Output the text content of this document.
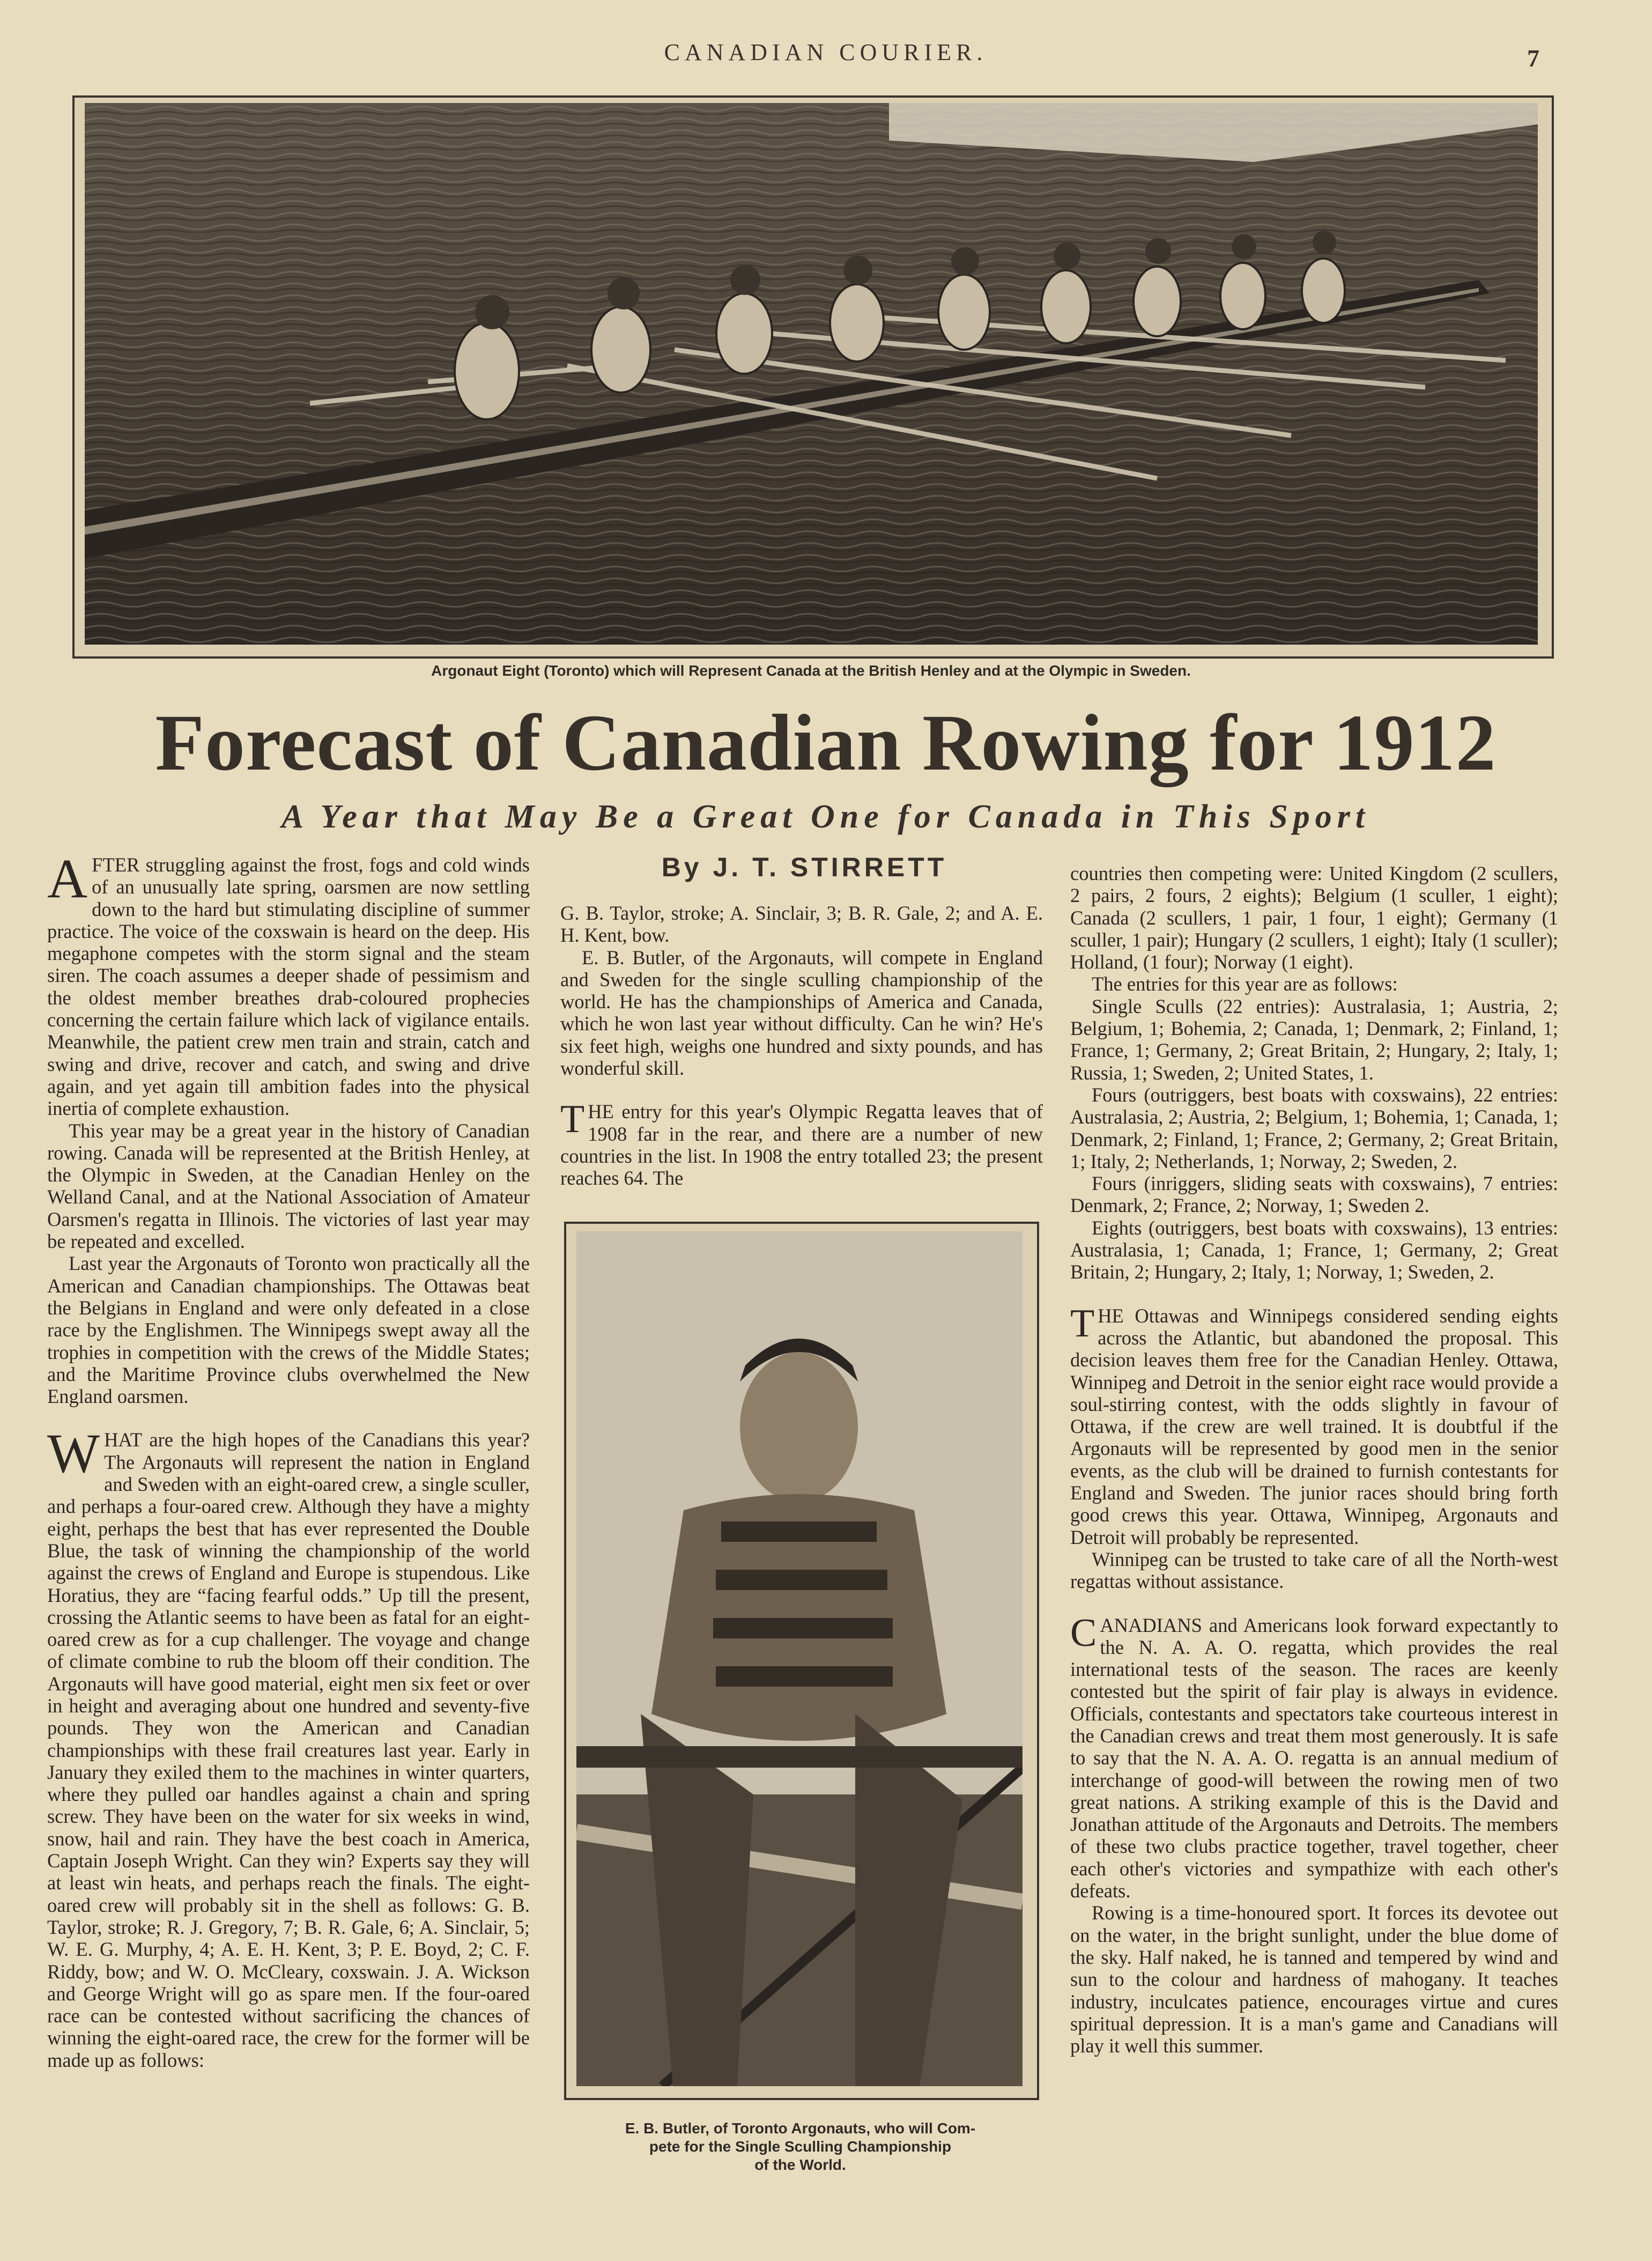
CANADIAN COURIER.	7
Argonaut Eight (Toronto) which will Represent Canada at the British Henley and at the Olympic in Sweden.
Forecast of Canadian Rowing for 1912
A Year that May Be a Great One for Canada in This Sport
By J. T. STIRRETT

AFTER struggling against the frost, fogs and cold winds of an unusually late spring, oarsmen are now settling down to the hard but stimulating discipline of summer practice. The voice of the coxswain is heard on the deep. His megaphone competes with the storm signal and the steam siren. The coach assumes a deeper shade of pessimism and the oldest member breathes drab-coloured prophecies concerning the certain failure which lack of vigilance entails. Meanwhile, the patient crew men train and strain, catch and swing and drive, recover and catch, and swing and drive again, and yet again till ambition fades into the physical inertia of complete exhaustion.

This year may be a great year in the history of Canadian rowing. Canada will be represented at the British Henley, at the Olympic in Sweden, at the Canadian Henley on the Welland Canal, and at the National Association of Amateur Oarsmen's regatta in Illinois. The victories of last year may be repeated and excelled.

Last year the Argonauts of Toronto won practically all the American and Canadian championships. The Ottawas beat the Belgians in England and were only defeated in a close race by the Englishmen. The Winnipegs swept away all the trophies in competition with the crews of the Middle States; and the Maritime Province clubs overwhelmed the New England oarsmen.

WHAT are the high hopes of the Canadians this year? The Argonauts will represent the nation in England and Sweden with an eight-oared crew, a single sculler, and perhaps a four-oared crew. Although they have a mighty eight, perhaps the best that has ever represented the Double Blue, the task of winning the championship of the world against the crews of England and Europe is stupendous. Like Horatius, they are “facing fearful odds.” Up till the present, crossing the Atlantic seems to have been as fatal for an eight-oared crew as for a cup challenger. The voyage and change of climate combine to rub the bloom off their condition. The Argonauts will have good material, eight men six feet or over in height and averaging about one hundred and seventy-five pounds. They won the American and Canadian championships with these frail creatures last year. Early in January they exiled them to the machines in winter quarters, where they pulled oar handles against a chain and spring screw. They have been on the water for six weeks in wind, snow, hail and rain. They have the best coach in America, Captain Joseph Wright. Can they win? Experts say they will at least win heats, and perhaps reach the finals. The eight-oared crew will probably sit in the shell as follows: G. B. Taylor, stroke; R. J. Gregory, 7; B. R. Gale, 6; A. Sinclair, 5; W. E. G. Murphy, 4; A. E. H. Kent, 3; P. E. Boyd, 2; C. F. Riddy, bow; and W. O. McCleary, coxswain. J. A. Wickson and George Wright will go as spare men. If the four-oared race can be contested without sacrificing the chances of winning the eight-oared race, the crew for the former will be made up as follows:

G. B. Taylor, stroke; A. Sinclair, 3; B. R. Gale, 2; and A. E. H. Kent, bow.

E. B. Butler, of the Argonauts, will compete in England and Sweden for the single sculling championship of the world. He has the championships of America and Canada, which he won last year without difficulty. Can he win? He's six feet high, weighs one hundred and sixty pounds, and has wonderful skill.

THE entry for this year's Olympic Regatta leaves that of 1908 far in the rear, and there are a number of new countries in the list. In 1908 the entry totalled 23; the present reaches 64. The

E. B. Butler, of Toronto Argonauts, who will Com-
pete for the Single Sculling Championship
of the World.

countries then competing were: United Kingdom (2 scullers, 2 pairs, 2 fours, 2 eights); Belgium (1 sculler, 1 eight); Canada (2 scullers, 1 pair, 1 four, 1 eight); Germany (1 sculler, 1 pair); Hungary (2 scullers, 1 eight); Italy (1 sculler); Holland, (1 four); Norway (1 eight).

The entries for this year are as follows:

Single Sculls (22 entries): Australasia, 1; Austria, 2; Belgium, 1; Bohemia, 2; Canada, 1; Denmark, 2; Finland, 1; France, 1; Germany, 2; Great Britain, 2; Hungary, 2; Italy, 1; Russia, 1; Sweden, 2; United States, 1.

Fours (outriggers, best boats with coxswains), 22 entries: Australasia, 2; Austria, 2; Belgium, 1; Bohemia, 1; Canada, 1; Denmark, 2; Finland, 1; France, 2; Germany, 2; Great Britain, 1; Italy, 2; Netherlands, 1; Norway, 2; Sweden, 2.

Fours (inriggers, sliding seats with coxswains), 7 entries: Denmark, 2; France, 2; Norway, 1; Sweden 2.

Eights (outriggers, best boats with coxswains), 13 entries: Australasia, 1; Canada, 1; France, 1; Germany, 2; Great Britain, 2; Hungary, 2; Italy, 1; Norway, 1; Sweden, 2.

THE Ottawas and Winnipegs considered sending eights across the Atlantic, but abandoned the proposal. This decision leaves them free for the Canadian Henley. Ottawa, Winnipeg and Detroit in the senior eight race would provide a soul-stirring contest, with the odds slightly in favour of Ottawa, if the crew are well trained. It is doubtful if the Argonauts will be represented by good men in the senior events, as the club will be drained to furnish contestants for England and Sweden. The junior races should bring forth good crews this year. Ottawa, Winnipeg, Argonauts and Detroit will probably be represented.

Winnipeg can be trusted to take care of all the North-west regattas without assistance.

CANADIANS and Americans look forward expectantly to the N. A. A. O. regatta, which provides the real international tests of the season. The races are keenly contested but the spirit of fair play is always in evidence. Officials, contestants and spectators take courteous interest in the Canadian crews and treat them most generously. It is safe to say that the N. A. A. O. regatta is an annual medium of interchange of good-will between the rowing men of two great nations. A striking example of this is the David and Jonathan attitude of the Argonauts and Detroits. The members of these two clubs practice together, travel together, cheer each other's victories and sympathize with each other's defeats.

Rowing is a time-honoured sport. It forces its devotee out on the water, in the bright sunlight, under the blue dome of the sky. Half naked, he is tanned and tempered by wind and sun to the colour and hardness of mahogany. It teaches industry, inculcates patience, encourages virtue and cures spiritual depression. It is a man's game and Canadians will play it well this summer.
